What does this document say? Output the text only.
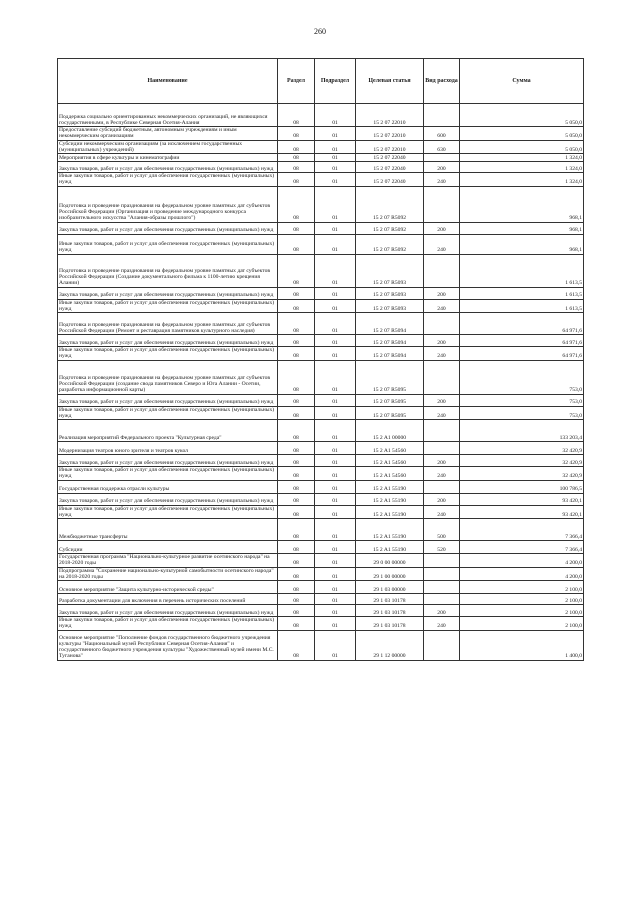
260
Наименование	Раздел	Подраздел	Целевая статья	Вид расхода	Сумма
Поддержка социально ориентированных некоммерческих организаций, не являющихся государственными, в Республике Северная Осетия-Алания	08	01	15 2 07 22010		5 050,0
Предоставление субсидий бюджетным, автономным учреждениям и иным некоммерческим организациям	08	01	15 2 07 22010	600	5 050,0
Субсидии некоммерческим организациям (за исключением государственных (муниципальных) учреждений)	08	01	15 2 07 22010	630	5 050,0
Мероприятия в сфере культуры и кинематографии	08	01	15 2 07 22040		1 324,0
Закупка товаров, работ и услуг для обеспечения государственных (муниципальных) нужд	08	01	15 2 07 22040	200	1 324,0
Иные закупки товаров, работ и услуг для обеспечения государственных (муниципальных) нужд	08	01	15 2 07 22040	240	1 324,0
Подготовка и проведение празднования на федеральном уровне памятных дат субъектов Российской Федерации (Организация и проведение международного конкурса изобразительного искусства "Алания-образы прошлого")	08	01	15 2 07 R5092		968,1
Закупка товаров, работ и услуг для обеспечения государственных (муниципальных) нужд	08	01	15 2 07 R5092	200	968,1
Иные закупки товаров, работ и услуг для обеспечения государственных (муниципальных) нужд	08	01	15 2 07 R5092	240	968,1
Подготовка и проведение празднования на федеральном уровне памятных дат субъектов Российской Федерации (Создание документального фильма к 1100-летию крещения Алании)	08	01	15 2 07 R5093		1 613,5
Закупка товаров, работ и услуг для обеспечения государственных (муниципальных) нужд	08	01	15 2 07 R5093	200	1 613,5
Иные закупки товаров, работ и услуг для обеспечения государственных (муниципальных) нужд	08	01	15 2 07 R5093	240	1 613,5
Подготовка и проведение празднования на федеральном уровне памятных дат субъектов Российской Федерации (Ремонт и реставрация памятников культурного наследия)	08	01	15 2 07 R5094		64 971,6
Закупка товаров, работ и услуг для обеспечения государственных (муниципальных) нужд	08	01	15 2 07 R5094	200	64 971,6
Иные закупки товаров, работ и услуг для обеспечения государственных (муниципальных) нужд	08	01	15 2 07 R5094	240	64 971,6
Подготовка и проведение празднования на федеральном уровне памятных дат субъектов Российской Федерации (создание свода памятников Северо и Юга Алании - Осетии, разработка информационной карты)	08	01	15 2 07 R5095		753,0
Закупка товаров, работ и услуг для обеспечения государственных (муниципальных) нужд	08	01	15 2 07 R5095	200	753,0
Иные закупки товаров, работ и услуг для обеспечения государственных (муниципальных) нужд	08	01	15 2 07 R5095	240	753,0
Реализация мероприятий Федерального проекта "Культурная среда"	08	01	15 2 A1 00000		133 203,4
Модернизация театров юного зрителя и театров кукол	08	01	15 2 A1 54560		32 420,9
Закупка товаров, работ и услуг для обеспечения государственных (муниципальных) нужд	08	01	15 2 A1 54560	200	32 420,9
Иные закупки товаров, работ и услуг для обеспечения государственных (муниципальных) нужд	08	01	15 2 A1 54560	240	32 420,9
Государственная поддержка отрасли культуры	08	01	15 2 A1 55190		100 786,5
Закупка товаров, работ и услуг для обеспечения государственных (муниципальных) нужд	08	01	15 2 A1 55190	200	93 420,1
Иные закупки товаров, работ и услуг для обеспечения государственных (муниципальных) нужд	08	01	15 2 A1 55190	240	93 420,1
Межбюджетные трансферты	08	01	15 2 A1 55190	500	7 366,4
Субсидии	08	01	15 2 A1 55190	520	7 366,4
Государственная программа "Национально-культурное развитие осетинского народа" на 2018-2020 годы	08	01	29 0 00 00000		4 200,0
Подпрограмма "Сохранение национально-культурной самобытности осетинского народа" на 2018-2020 годы	08	01	29 1 00 00000		4 200,0
Основное мероприятие "Защита культурно-исторической среды"	08	01	29 1 03 00000		2 100,0
Разработка документации для включения в перечень исторических поселений	08	01	29 1 03 10178		2 100,0
Закупка товаров, работ и услуг для обеспечения государственных (муниципальных) нужд	08	01	29 1 03 10178	200	2 100,0
Иные закупки товаров, работ и услуг для обеспечения государственных (муниципальных) нужд	08	01	29 1 03 10178	240	2 100,0
Основное мероприятие "Пополнение фондов государственного бюджетного учреждения культуры "Национальный музей Республики Северная Осетия-Алания" и государственного бюджетного учреждения культуры "Художественный музей имени М.С. Туганова"	08	01	29 1 12 00000		1 400,0
